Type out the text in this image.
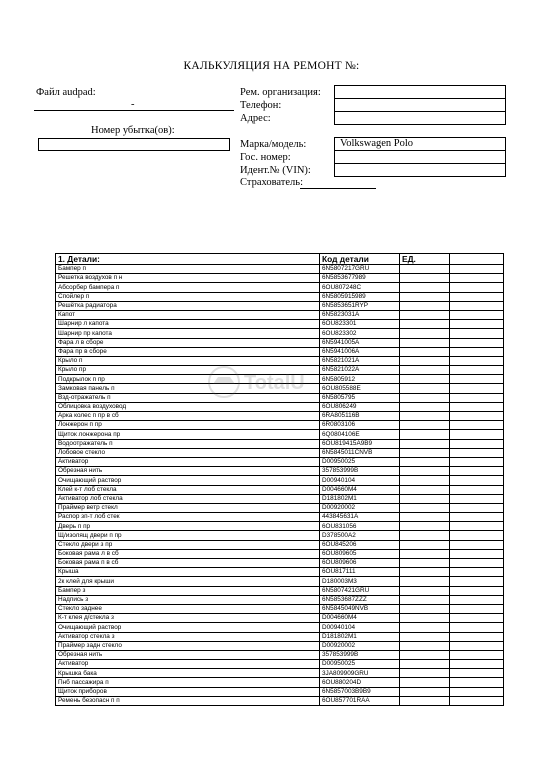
КАЛЬКУЛЯЦИЯ НА РЕМОНТ №:
Файл audpad:
-
Номер убытка(ов):
Рем. организация:
Телефон:
Адрес:
Марка/модель:
Гос. номер:
Идент.№ (VIN):
Страхователь:
Volkswagen Polo
1. Детали:	Код детали	ЕД.	
Бампер п	6N5807217GRU		
Решетка воздухов п н	6N5853677989		
Абсорбер бампера п	6OU807248C		
Спойлер п	6N5805915989		
Решётка радиатора	6N5853651RYP		
Капот	6N5823031A		
Шарнир л капота	6OU823301		
Шарнир пр капота	6OU823302		
Фара л в сборе	6N5941005A		
Фара пр в сборе	6N5941006A		
Крыло п	6N5821021A		
Крыло пр	6N5821022A		
Подкрылок п пр	6N5805912		
Замковая панель п	6OU805588E		
Взд-отражатель п	6N5805795		
Облицовка воздуховод	6OU806249		
Арка колес п пр в сб	6RA805116B		
Лонжерон п пр	6R0803106		
Щиток лонжерона пр	6Q0804106E		
Водоотражатель п	6OU819415A9B9		
Лобовое стекло	6N5845011CNVB		
Активатор	D00950025		
Обрезная нить	357853999B		
Очищающий раствор	D00940104		
Клей к-т лоб стекла	D004660M4		
Активатор лоб стекла	D181802M1		
Праймер ветр стекл	D00920002		
Распор зп-т лоб стек	443845631A		
Дверь п пр	6OU831056		
Щ/изолящ двери п пр	D378500A2		
Стекло двери з пр	6OU845206		
Боковая рама л в сб	6OU809605		
Боковая рама п в сб	6OU809606		
Крыша	6OU817111		
2к клей для крыши	D180003M3		
Бампер з	6N5807421GRU		
Надпись з	6N5853687ZZZ		
Стекло заднее	6N5845049NVB		
К-т клея д/стекла з	D004660M4		
Очищающий раствор	D00940104		
Активатор стекла з	D181802M1		
Праймер задн стекло	D00920002		
Обрезная нить	357853999B		
Активатор	D00950025		
Крышка бака	3JA809909GRU		
Пнб пассажира п	6OU880204D		
Щиток приборов	6N5857003B9B9		
Ремень безопасн п п	6OU857701RAA		
TotalU
